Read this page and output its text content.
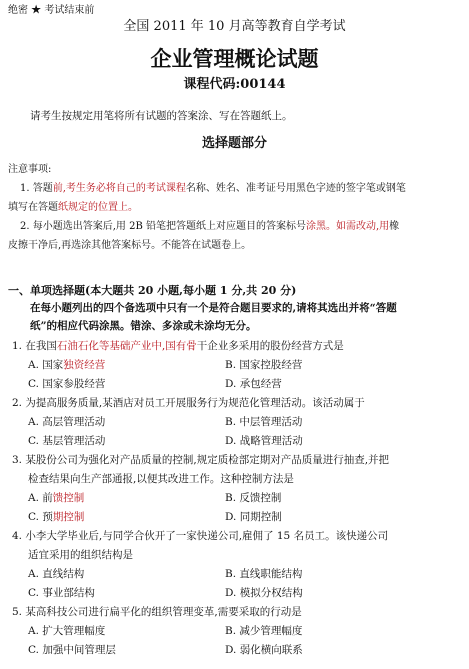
绝密 ★ 考试结束前
全国 2011 年 10 月高等教育自学考试
企业管理概论试题
课程代码:00144
请考生按规定用笔将所有试题的答案涂、写在答题纸上。
选择题部分
注意事项:
1. 答题前,考生务必将自己的考试课程名称、姓名、准考证号用黑色字迹的签字笔或钢笔
填写在答题纸规定的位置上。
2. 每小题选出答案后,用 2B 铅笔把答题纸上对应题目的答案标号涂黑。如需改动,用橡
皮擦干净后,再选涂其他答案标号。不能答在试题卷上。
一、单项选择题(本大题共 20 小题,每小题 1 分,共 20 分)
在每小题列出的四个备选项中只有一个是符合题目要求的,请将其选出并将“答题
纸”的相应代码涂黑。错涂、多涂或未涂均无分。
1. 在我国石油石化等基础产业中,国有骨干企业多采用的股份经营方式是
A. 国家独资经营	B. 国家控股经营
C. 国家参股经营	D. 承包经营
2. 为提高服务质量,某酒店对员工开展服务行为规范化管理活动。该活动属于
A. 高层管理活动	B. 中层管理活动
C. 基层管理活动	D. 战略管理活动
3. 某股份公司为强化对产品质量的控制,规定质检部定期对产品质量进行抽查,并把
检查结果向生产部通报,以便其改进工作。这种控制方法是
A. 前馈控制	B. 反馈控制
C. 预期控制	D. 同期控制
4. 小李大学毕业后,与同学合伙开了一家快递公司,雇佣了 15 名员工。该快递公司
适宜采用的组织结构是
A. 直线结构	B. 直线职能结构
C. 事业部结构	D. 模拟分权结构
5. 某高科技公司进行扁平化的组织管理变革,需要采取的行动是
A. 扩大管理幅度	B. 减少管理幅度
C. 加强中间管理层	D. 弱化横向联系
